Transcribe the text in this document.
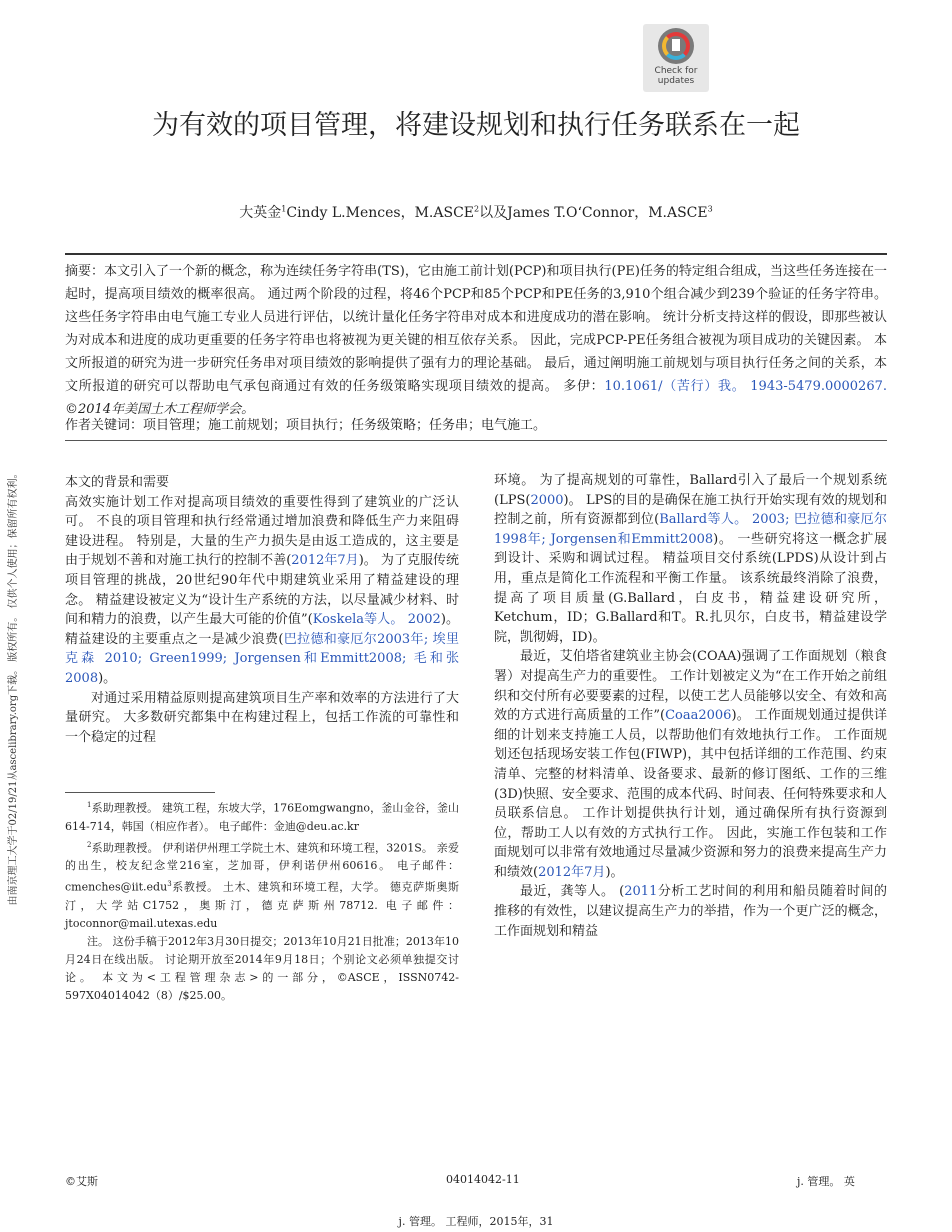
Check for
updates
为有效的项目管理，将建设规划和执行任务联系在一起
大英金$^1$Cindy L.Mences，M.ASCE$^2$以及James T.O‘Connor，M.ASCE$^3$
摘要：本文引入了一个新的概念，称为连续任务字符串(TS)，它由施工前计划(PCP)和项目执行(PE)任务的特定组合组成，当这些任务连接在一起时，提高项目绩效的概率很高。 通过两个阶段的过程，将46个PCP和85个PCP和PE任务的3,910个组合减少到239个验证的任务字符串。 这些任务字符串由电气施工专业人员进行评估，以统计量化任务字符串对成本和进度成功的潜在影响。 统计分析支持这样的假设，即那些被认为对成本和进度的成功更重要的任务字符串也将被视为更关键的相互依存关系。 因此，完成PCP-PE任务组合被视为项目成功的关键因素。 本文所报道的研究为进一步研究任务串对项目绩效的影响提供了强有力的理论基础。 最后，通过阐明施工前规划与项目执行任务之间的关系，本文所报道的研究可以帮助电气承包商通过有效的任务级策略实现项目绩效的提高。 多伊：10.1061/（苦行）我。 1943-5479.0000267. ©2014年美国土木工程师学会。
作者关键词：项目管理；施工前规划；项目执行；任务级策略；任务串；电气施工。
由南京理工大学于02/19/21从ascelibrary.org下载。 版权所有。 仅供个人使用；保留所有权利。	本文的背景和需要

高效实施计划工作对提高项目绩效的重要性得到了建筑业的广泛认可。 不良的项目管理和执行经常通过增加浪费和降低生产力来阻碍建设进程。 特别是，大量的生产力损失是由返工造成的，这主要是由于规划不善和对施工执行的控制不善(2012年7月)。 为了克服传统项目管理的挑战，20世纪90年代中期建筑业采用了精益建设的理念。 精益建设被定义为“设计生产系统的方法，以尽量减少材料、时间和精力的浪费，以产生最大可能的价值”(Koskela等人。 2002)。 精益建设的主要重点之一是减少浪费(巴拉德和豪厄尔2003年; 埃里克森 2010; Green1999; Jorgensen和Emmitt2008; 毛和张2008)。

对通过采用精益原则提高建筑项目生产率和效率的方法进行了大量研究。 大多数研究都集中在构建过程上，包括工作流的可靠性和一个稳定的过程

$^1$系助理教授。 建筑工程，东坡大学，176Eomgwangno，釜山金谷，釜山614-714，韩国（相应作者）。 电子邮件：金迪@deu.ac.kr

$^2$系助理教授。 伊利诺伊州理工学院土木、建筑和环境工程，3201S。 亲爱的出生，校友纪念堂216室，芝加哥，伊利诺伊州60616。 电子邮件：cmenches@iit.edu$^3$系教授。 土木、建筑和环境工程，大学。 德克萨斯奥斯汀，大学站C1752，奥斯汀，德克萨斯州78712. 电子邮件：jtoconnor@mail.utexas.edu

注。 这份手稿于2012年3月30日提交；2013年10月21日批准；2013年10月24日在线出版。 讨论期开放至2014年9月18日；个别论文必须单独提交讨论。 本文为<工程管理杂志>的一部分，©ASCE，ISSN0742-597X04014042（8）/$25.00。

环境。 为了提高规划的可靠性，Ballard引入了最后一个规划系统(LPS(2000)。 LPS的目的是确保在施工执行开始实现有效的规划和控制之前，所有资源都到位(Ballard等人。 2003; 巴拉德和豪厄尔1998年; Jorgensen和Emmitt2008)。 一些研究将这一概念扩展到设计、采购和调试过程。 精益项目交付系统(LPDS)从设计到占用，重点是简化工作流程和平衡工作量。 该系统最终消除了浪费，提高了项目质量(G.Ballard，白皮书，精益建设研究所，Ketchum，ID；G.Ballard和T。R.扎贝尔，白皮书，精益建设学院，凯彻姆，ID)。

最近，艾伯塔省建筑业主协会(COAA)强调了工作面规划（粮食署）对提高生产力的重要性。 工作计划被定义为“在工作开始之前组织和交付所有必要要素的过程，以使工艺人员能够以安全、有效和高效的方式进行高质量的工作”(Coaa2006)。 工作面规划通过提供详细的计划来支持施工人员，以帮助他们有效地执行工作。 工作面规划还包括现场安装工作包(FIWP)，其中包括详细的工作范围、约束清单、完整的材料清单、设备要求、最新的修订图纸、工作的三维(3D)快照、安全要求、范围的成本代码、时间表、任何特殊要求和人员联系信息。 工作计划提供执行计划，通过确保所有执行资源到位，帮助工人以有效的方式执行工作。 因此，实施工作包装和工作面规划可以非常有效地通过尽量减少资源和努力的浪费来提高生产力和绩效(2012年7月)。

最近，龚等人。 (2011分析工艺时间的利用和船员随着时间的推移的有效性，以建议提高生产力的举措，作为一个更广泛的概念，工作面规划和精益

©艾斯	04014042-11	j. 管理。 英
j. 管理。 工程师，2015年，31
